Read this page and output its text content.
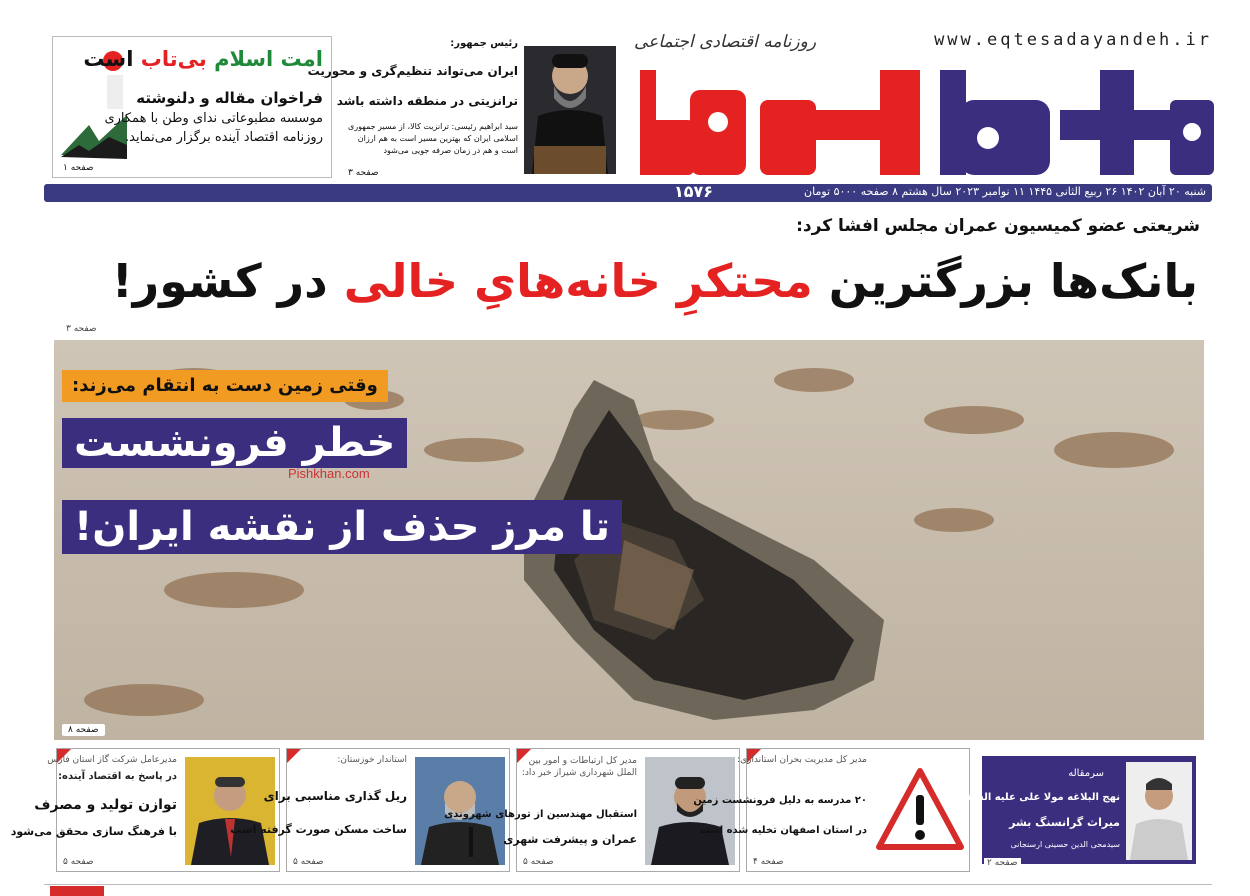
www.eqtesadayandeh.ir
روزنامه اقتصادی اجتماعی
شنبه ۲۰ آبان ۱۴۰۲ ۲۶ ربیع الثانی ۱۴۴۵ ۱۱ نوامبر ۲۰۲۳ سال هشتم ۸ صفحه ۵۰۰۰ تومان
۱۵۷۶
امت اسلام بی‌تاب است
فراخوان مقاله و دلنوشته
موسسه مطبوعاتی ندای وطن با همکاری
روزنامه اقتصاد آینده برگزار می‌نماید.
صفحه ۱
رئیس جمهور:
ایران می‌تواند تنظیم‌گری و محوریت
ترانزیتی در منطقه داشته باشد
سید ابراهیم رئیسی: ترانزیت کالا، از مسیر جمهوری
اسلامی ایران که بهترین مسیر است به هم ارزان
است و هم در زمان صرفه جویی می‌شود
صفحه ۳
شریعتی عضو کمیسیون عمران مجلس افشا کرد:
بانک‌ها بزرگترین محتکرِ خانه‌هایِ خالی در کشور!
صفحه ۳
وقتی زمین دست به انتقام می‌زند:
خطر فرونشست
Pishkhan.com
تا مرز حذف از نقشه ایران!
صفحه ۸
مدیرعامل شرکت گاز استان فارس
در پاسخ به اقتصاد آینده:
توازن تولید و مصرف
با فرهنگ سازی محقق می‌شود
صفحه ۵
استاندار خوزستان:
ریل گذاری مناسبی برای
ساخت مسکن صورت گرفته است
صفحه ۵
مدیر کل ارتباطات و امور بین الملل شهرداری شیراز خبر داد:
استقبال مهندسین از تورهای شهروندی
عمران و پیشرفت شهری
صفحه ۵
مدیر کل مدیریت بحران استانداری:
۲۰ مدرسه به دلیل فرونشست زمین
در استان اصفهان تخلیه شده است
صفحه ۴
سرمقاله
نهج البلاغه مولا علی علیه السلام
میراث گرانسنگ بشر
سیدمحی الدین حسینی ارسنجانی
صفحه ۲
